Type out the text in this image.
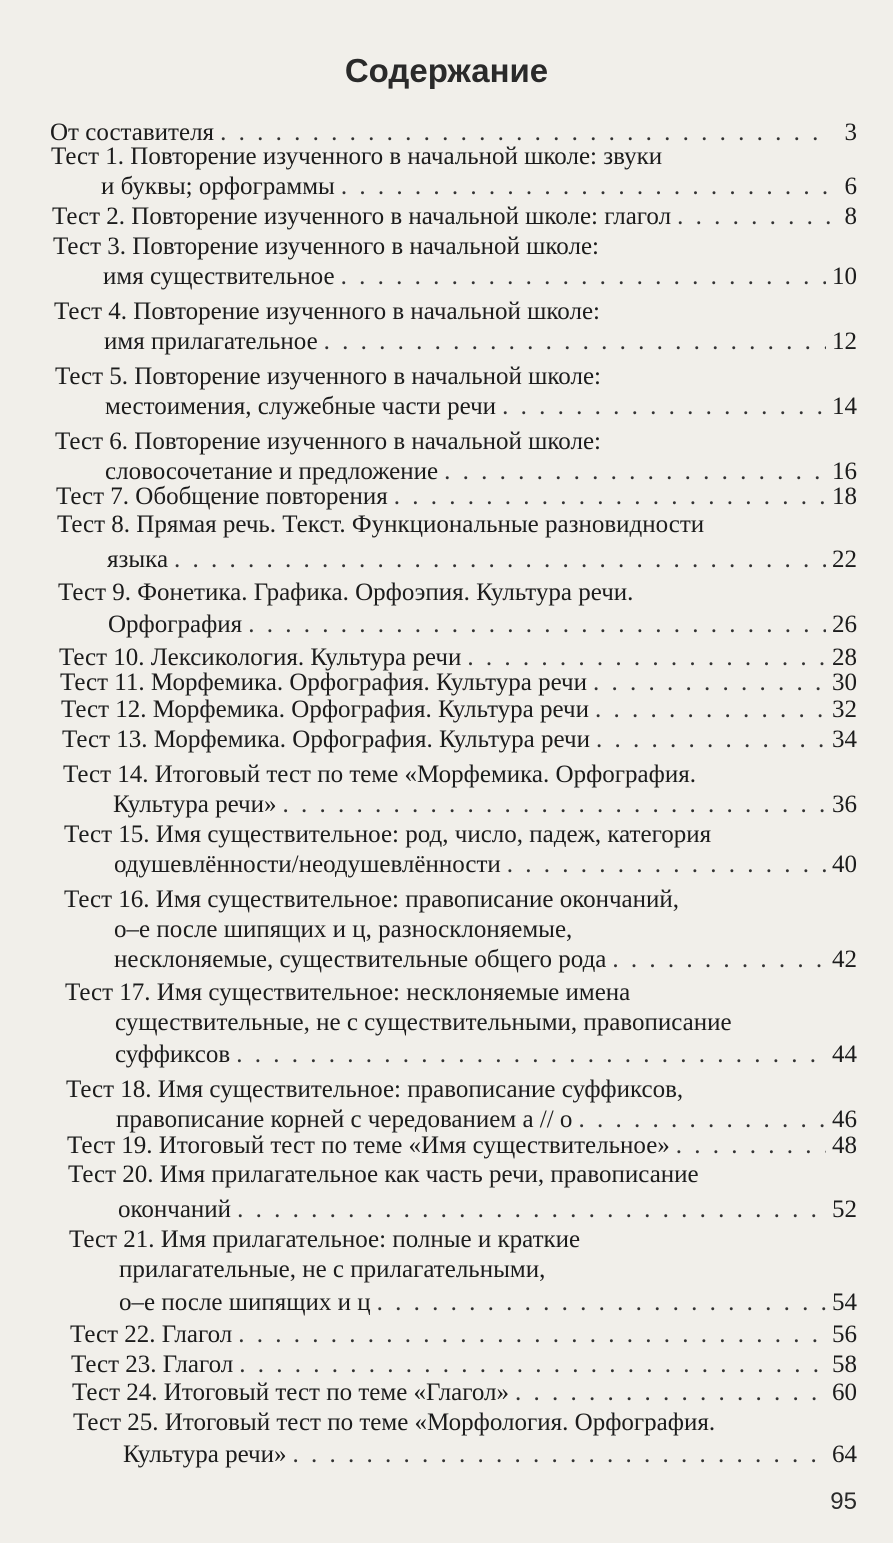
Содержание
От составителя . . .	3
Тест 1. Повторение изученного в начальной школе: звуки
и буквы; орфограммы . . .	6
Тест 2. Повторение изученного в начальной школе: глагол . . .	8
Тест 3. Повторение изученного в начальной школе:
имя существительное . . .	10
Тест 4. Повторение изученного в начальной школе:
имя прилагательное . . .	12
Тест 5. Повторение изученного в начальной школе:
местоимения, служебные части речи . . .	14
Тест 6. Повторение изученного в начальной школе:
словосочетание и предложение . . .	16
Тест 7. Обобщение повторения . . .	18
Тест 8. Прямая речь. Текст. Функциональные разновидности
языка . . .	22
Тест 9. Фонетика. Графика. Орфоэпия. Культура речи.
Орфография . . .	26
Тест 10. Лексикология. Культура речи . . .	28
Тест 11. Морфемика. Орфография. Культура речи . . .	30
Тест 12. Морфемика. Орфография. Культура речи . . .	32
Тест 13. Морфемика. Орфография. Культура речи . . .	34
Тест 14. Итоговый тест по теме «Морфемика. Орфография.
Культура речи» . . .	36
Тест 15. Имя существительное: род, число, падеж, категория
одушевлённости/неодушевлённости . . .	40
Тест 16. Имя существительное: правописание окончаний,
о–е после шипящих и ц, разносклоняемые,
несклоняемые, существительные общего рода . . .	42
Тест 17. Имя существительное: несклоняемые имена
существительные, не с существительными, правописание
суффиксов . . .	44
Тест 18. Имя существительное: правописание суффиксов,
правописание корней с чередованием а // о . . .	46
Тест 19. Итоговый тест по теме «Имя существительное» . . .	48
Тест 20. Имя прилагательное как часть речи, правописание
окончаний . . .	52
Тест 21. Имя прилагательное: полные и краткие
прилагательные, не с прилагательными,
о–е после шипящих и ц . . .	54
Тест 22. Глагол . . .	56
Тест 23. Глагол . . .	58
Тест 24. Итоговый тест по теме «Глагол» . . .	60
Тест 25. Итоговый тест по теме «Морфология. Орфография.
Культура речи» . . .	64
95
